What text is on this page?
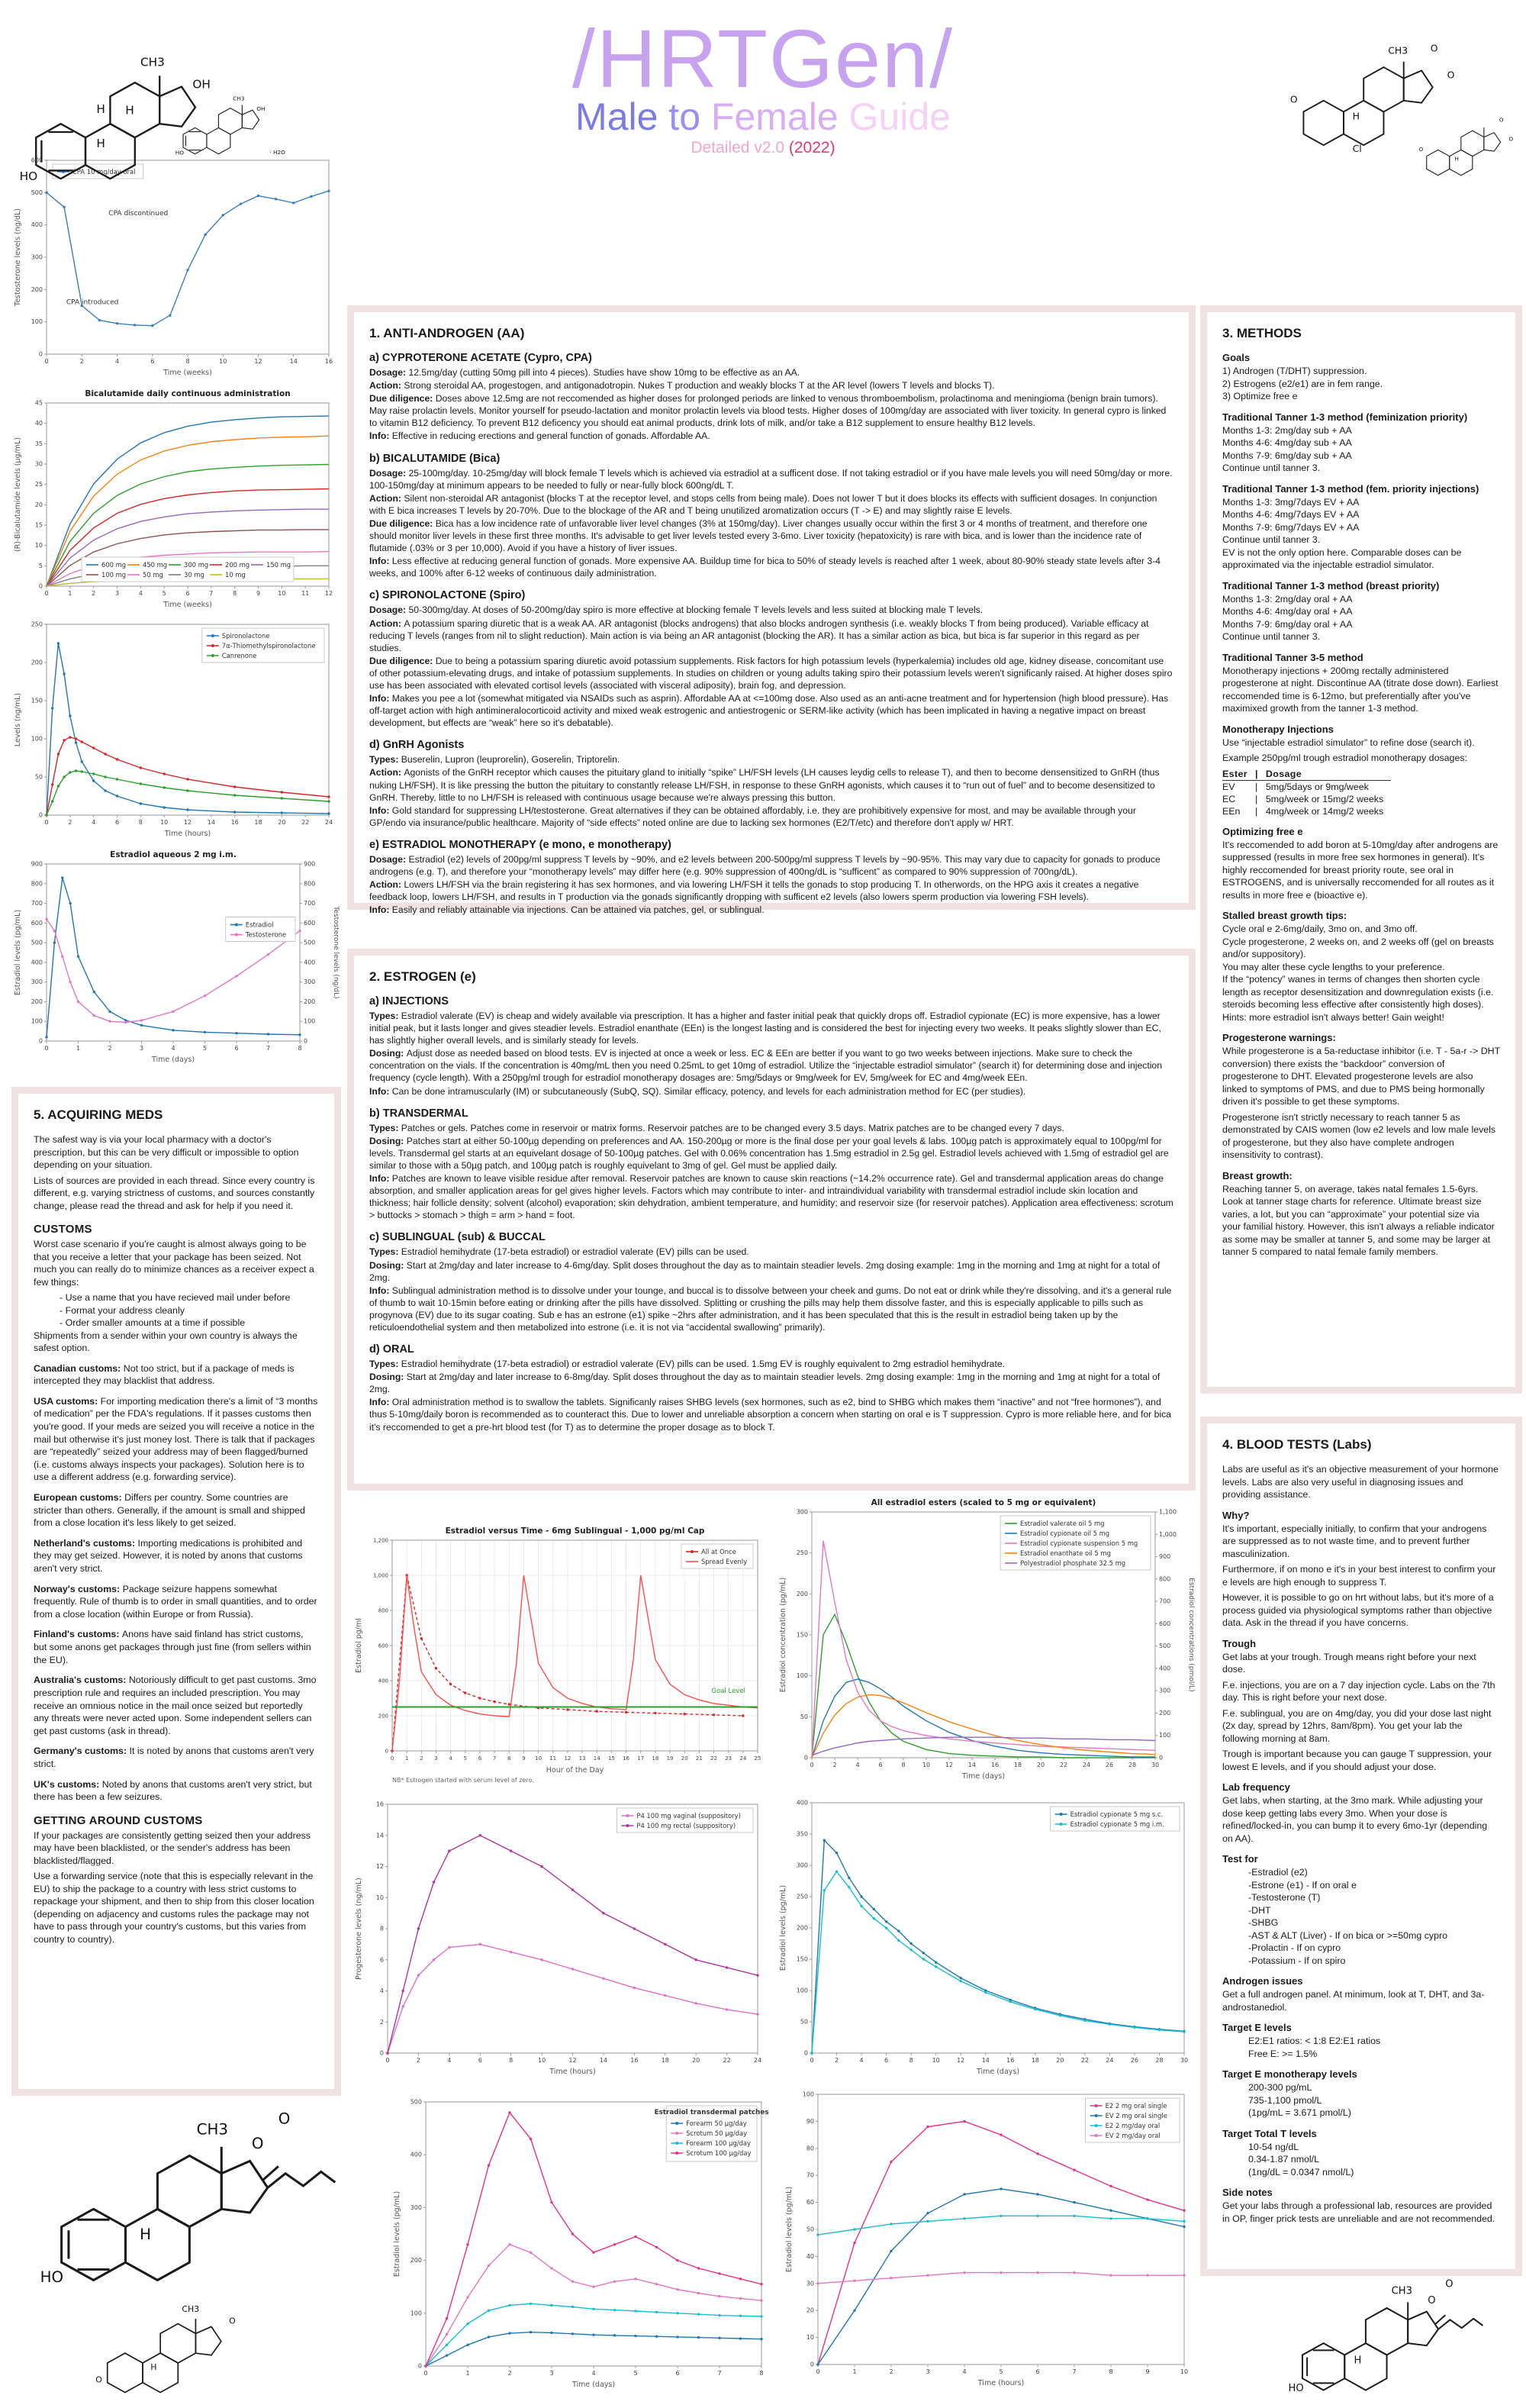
/HRTGen/
Male to Female Guide
Detailed v2.0 (2022)
1. ANTI-ANDROGEN (AA)
a) CYPROTERONE ACETATE (Cypro, CPA)

Dosage: 12.5mg/day (cutting 50mg pill into 4 pieces). Studies have show 10mg to be effective as an AA.

Action: Strong steroidal AA, progestogen, and antigonadotropin. Nukes T production and weakly blocks T at the AR level (lowers T levels and blocks T).

Due diligence: Doses above 12.5mg are not reccomended as higher doses for prolonged periods are linked to venous thromboembolism, prolactinoma and meningioma (benign brain tumors). May raise prolactin levels. Monitor yourself for pseudo-lactation and monitor prolactin levels via blood tests. Higher doses of 100mg/day are associated with liver toxicity. In general cypro is linked to vitamin B12 deficiency. To prevent B12 deficency you should eat animal products, drink lots of milk, and/or take a B12 supplement to ensure healthy B12 levels.

Info: Effective in reducing erections and general function of gonads. Affordable AA.

b) BICALUTAMIDE (Bica)

Dosage: 25-100mg/day. 10-25mg/day will block female T levels which is achieved via estradiol at a sufficent dose. If not taking estradiol or if you have male levels you will need 50mg/day or more. 100-150mg/day at minimum appears to be needed to fully or near-fully block 600ng/dL T.

Action: Silent non-steroidal AR antagonist (blocks T at the receptor level, and stops cells from being male). Does not lower T but it does blocks its effects with sufficient dosages. In conjunction with E bica increases T levels by 20-70%. Due to the blockage of the AR and T being unutilized aromatization occurs (T -> E) and may slightly raise E levels.

Due diligence: Bica has a low incidence rate of unfavorable liver level changes (3% at 150mg/day). Liver changes usually occur within the first 3 or 4 months of treatment, and therefore one should monitor liver levels in these first three months. It's advisable to get liver levels tested every 3-6mo. Liver toxicity (hepatoxicity) is rare with bica, and is lower than the incidence rate of flutamide (.03% or 3 per 10,000). Avoid if you have a history of liver issues.

Info: Less effective at reducing general function of gonads. More expensive AA. Buildup time for bica to 50% of steady levels is reached after 1 week, about 80-90% steady state levels after 3-4 weeks, and 100% after 6-12 weeks of continuous daily administration.

c) SPIRONOLACTONE (Spiro)

Dosage: 50-300mg/day. At doses of 50-200mg/day spiro is more effective at blocking female T levels levels and less suited at blocking male T levels.

Action: A potassium sparing diuretic that is a weak AA. AR antagonist (blocks androgens) that also blocks androgen synthesis (i.e. weakly blocks T from being produced). Variable efficacy at reducing T levels (ranges from nil to slight reduction). Main action is via being an AR antagonist (blocking the AR). It has a similar action as bica, but bica is far superior in this regard as per studies.

Due diligence: Due to being a potassium sparing diuretic avoid potassium supplements. Risk factors for high potassium levels (hyperkalemia) includes old age, kidney disease, concomitant use of other potassium-elevating drugs, and intake of potassium supplements. In studies on children or young adults taking spiro their potassium levels weren't significanly raised. At higher doses spiro use has been associated with elevated cortisol levels (associated with visceral adiposity), brain fog, and depression.

Info: Makes you pee a lot (somewhat mitigated via NSAIDs such as asprin). Affordable AA at <=100mg dose. Also used as an anti-acne treatment and for hypertension (high blood pressure). Has off-target action with high antimineralocorticoid activity and mixed weak estrogenic and antiestrogenic or SERM-like activity (which has been implicated in having a negative impact on breast development, but effects are “weak” here so it's debatable).

d) GnRH Agonists

Types: Buserelin, Lupron (leuprorelin), Goserelin, Triptorelin.

Action: Agonists of the GnRH receptor which causes the pituitary gland to initially “spike” LH/FSH levels (LH causes leydig cells to release T), and then to become densensitized to GnRH (thus nuking LH/FSH). It is like pressing the button the pituitary to constantly release LH/FSH, in response to these GnRH agonists, which causes it to “run out of fuel” and to become desensitized to GnRH. Thereby, little to no LH/FSH is released with continuous usage because we're always pressing this button.

Info: Gold standard for suppressing LH/testosterone. Great alternatives if they can be obtained affordably, i.e. they are prohibitively expensive for most, and may be available through your GP/endo via insurance/public healthcare. Majority of “side effects” noted online are due to lacking sex hormones (E2/T/etc) and therefore don't apply w/ HRT.

e) ESTRADIOL MONOTHERAPY (e mono, e monotherapy)

Dosage: Estradiol (e2) levels of 200pg/ml suppress T levels by ~90%, and e2 levels between 200-500pg/ml suppress T levels by ~90-95%. This may vary due to capacity for gonads to produce androgens (e.g. T), and therefore your “monotherapy levels” may differ here (e.g. 90% suppression of 400ng/dL is “sufficent” as compared to 90% suppression of 700ng/dL).

Action: Lowers LH/FSH via the brain registering it has sex hormones, and via lowering LH/FSH it tells the gonads to stop producing T. In otherwords, on the HPG axis it creates a negative feedback loop, lowers LH/FSH, and results in T production via the gonads significantly dropping with sufficent e2 levels (also lowers sperm production via lowering FSH levels).

Info: Easily and reliably attainable via injections. Can be attained via patches, gel, or sublingual.

2. ESTROGEN (e)
a) INJECTIONS

Types: Estradiol valerate (EV) is cheap and widely available via prescription. It has a higher and faster initial peak that quickly drops off. Estradiol cypionate (EC) is more expensive, has a lower initial peak, but it lasts longer and gives steadier levels. Estradiol enanthate (EEn) is the longest lasting and is considered the best for injecting every two weeks. It peaks slightly slower than EC, has slightly higher overall levels, and is similarly steady for levels.

Dosing: Adjust dose as needed based on blood tests. EV is injected at once a week or less. EC & EEn are better if you want to go two weeks between injections. Make sure to check the concentration on the vials. If the concentration is 40mg/mL then you need 0.25mL to get 10mg of estradiol. Utilize the “injectable estradiol simulator” (search it) for determining dose and injection frequency (cycle length). With a 250pg/ml trough for estradiol monotherapy dosages are: 5mg/5days or 9mg/week for EV, 5mg/week for EC and 4mg/week EEn.

Info: Can be done intramuscularly (IM) or subcutaneously (SubQ, SQ). Similar efficacy, potency, and levels for each administration method for EC (per studies).

b) TRANSDERMAL

Types: Patches or gels. Patches come in reservoir or matrix forms. Reservoir patches are to be changed every 3.5 days. Matrix patches are to be changed every 7 days.

Dosing: Patches start at either 50-100µg depending on preferences and AA. 150-200µg or more is the final dose per your goal levels & labs. 100µg patch is approximately equal to 100pg/ml for levels. Transdermal gel starts at an equivelant dosage of 50-100µg patches. Gel with 0.06% concentration has 1.5mg estradiol in 2.5g gel. Estradiol levels achieved with 1.5mg of estradiol gel are similar to those with a 50µg patch, and 100µg patch is roughly equivelant to 3mg of gel. Gel must be applied daily.

Info: Patches are known to leave visible residue after removal. Reservoir patches are known to cause skin reactions (~14.2% occurrence rate). Gel and transdermal application areas do change absorption, and smaller application areas for gel gives higher levels. Factors which may contribute to inter- and intraindividual variability with transdermal estradiol include skin location and thickness; hair follicle density; solvent (alcohol) evaporation; skin dehydration, ambient temperature, and humidity; and reservoir size (for reservoir patches). Application area effectiveness: scrotum > buttocks > stomach > thigh = arm > hand = foot.

c) SUBLINGUAL (sub) & BUCCAL

Types: Estradiol hemihydrate (17-beta estradiol) or estradiol valerate (EV) pills can be used.

Dosing: Start at 2mg/day and later increase to 4-6mg/day. Split doses throughout the day as to maintain steadier levels. 2mg dosing example: 1mg in the morning and 1mg at night for a total of 2mg.

Info: Sublingual administration method is to dissolve under your tounge, and buccal is to dissolve between your cheek and gums. Do not eat or drink while they're dissolving, and it's a general rule of thumb to wait 10-15min before eating or drinking after the pills have dissolved. Splitting or crushing the pills may help them dissolve faster, and this is especially applicable to pills such as progynova (EV) due to its sugar coating. Sub e has an estrone (e1) spike ~2hrs after administration, and it has been speculated that this is the result in estradiol being taken up by the reticuloendothelial system and then metabolized into estrone (i.e. it is not via “accidental swallowing” primarily).

d) ORAL

Types: Estradiol hemihydrate (17-beta estradiol) or estradiol valerate (EV) pills can be used. 1.5mg EV is roughly equivalent to 2mg estradiol hemihydrate.

Dosing: Start at 2mg/day and later increase to 6-8mg/day. Split doses throughout the day as to maintain steadier levels. 2mg dosing example: 1mg in the morning and 1mg at night for a total of 2mg.

Info: Oral administration method is to swallow the tablets. Significanly raises SHBG levels (sex hormones, such as e2, bind to SHBG which makes them “inactive” and not “free hormones”), and thus 5-10mg/daily boron is recommended as to counteract this. Due to lower and unreliable absorption a concern when starting on oral e is T suppression. Cypro is more reliable here, and for bica it's reccomended to get a pre-hrt blood test (for T) as to determine the proper dosage as to block T.

3. METHODS
Goals
1) Androgen (T/DHT) suppression.
2) Estrogens (e2/e1) are in fem range.
3) Optimize free e
Traditional Tanner 1-3 method (feminization priority)
Months 1-3: 2mg/day sub + AA
Months 4-6: 4mg/day sub + AA
Months 7-9: 6mg/day sub + AA
Continue until tanner 3.
Traditional Tanner 1-3 method (fem. priority injections)
Months 1-3: 3mg/7days EV + AA
Months 4-6: 4mg/7days EV + AA
Months 7-9: 6mg/7days EV + AA
Continue until tanner 3.
EV is not the only option here. Comparable doses can be approximated via the injectable estradiol simulator.
Traditional Tanner 1-3 method (breast priority)
Months 1-3: 2mg/day oral + AA
Months 4-6: 4mg/day oral + AA
Months 7-9: 6mg/day oral + AA
Continue until tanner 3.
Traditional Tanner 3-5 method
Monotherapy injections + 200mg rectally administered progesterone at night. Discontinue AA (titrate dose down). Earliest reccomended time is 6-12mo, but preferentially after you've maximixed growth from the tanner 1-3 method.
Monotherapy Injections
Use “injectable estradiol simulator” to refine dose (search it).
Example 250pg/ml trough estradiol monotherapy dosages:
Ester	|	Dosage
EV	|	5mg/5days or 9mg/week
EC	|	5mg/week or 15mg/2 weeks
EEn	|	4mg/week or 14mg/2 weeks
Optimizing free e
It's reccomended to add boron at 5-10mg/day after androgens are suppressed (results in more free sex hormones in general). It's highly reccomended for breast priority route, see oral in ESTROGENS, and is universally reccomended for all routes as it results in more free e (bioactive e).
Stalled breast growth tips:
Cycle oral e 2-6mg/daily, 3mo on, and 3mo off.
Cycle progesterone, 2 weeks on, and 2 weeks off (gel on breasts and/or suppository).
You may alter these cycle lengths to your preference.
If the “potency” wanes in terms of changes then shorten cycle length as receptor desensitization and downregulation exists (i.e. steroids becoming less effective after consistently high doses).
Hints: more estradiol isn't always better! Gain weight!
Progesterone warnings:
While progesterone is a 5a-reductase inhibitor (i.e. T - 5a-r -> DHT conversion) there exists the “backdoor” conversion of progesterone to DHT. Elevated progesterone levels are also linked to symptoms of PMS, and due to PMS being hormonally driven it's possible to get these symptoms.
Progesterone isn't strictly necessary to reach tanner 5 as demonstrated by CAIS women (low e2 levels and low male levels of progesterone, but they also have complete androgen insensitivity to contrast).
Breast growth:
Reaching tanner 5, on average, takes natal females 1.5-6yrs. Look at tanner stage charts for reference. Ultimate breast size varies, a lot, but you can “approximate” your potential size via your familial history. However, this isn't always a reliable indicator as some may be smaller at tanner 5, and some may be larger at tanner 5 compared to natal female family members.
4. BLOOD TESTS (Labs)
Labs are useful as it's an objective measurement of your hormone levels. Labs are also very useful in diagnosing issues and providing assistance.
Why?
It's important, especially initially, to confirm that your androgens are suppressed as to not waste time, and to prevent further masculinization.
Furthermore, if on mono e it's in your best interest to confirm your e levels are high enough to suppress T.
However, it is possible to go on hrt without labs, but it's more of a process guided via physiological symptoms rather than objective data. Ask in the thread if you have concerns.
Trough
Get labs at your trough. Trough means right before your next dose.
F.e. injections, you are on a 7 day injection cycle. Labs on the 7th day. This is right before your next dose.
F.e. sublingual, you are on 4mg/day, you did your dose last night (2x day, spread by 12hrs, 8am/8pm). You get your lab the following morning at 8am.
Trough is important because you can gauge T suppression, your lowest E levels, and if you should adjust your dose.
Lab frequency
Get labs, when starting, at the 3mo mark. While adjusting your dose keep getting labs every 3mo. When your dose is refined/locked-in, you can bump it to every 6mo-1yr (depending on AA).
Test for
-Estradiol (e2)
-Estrone (e1) - If on oral e
-Testosterone (T)
-DHT
-SHBG
-AST & ALT (Liver) - If on bica or >=50mg cypro
-Prolactin - If on cypro
-Potassium - If on spiro
Androgen issues
Get a full androgen panel. At minimum, look at T, DHT, and 3a-androstanediol.
Target E levels
E2:E1 ratios: < 1:8 E2:E1 ratios
Free E: >= 1.5%
Target E monotherapy levels
200-300 pg/mL
735-1,100 pmol/L
(1pg/mL = 3.671 pmol/L)
Target Total T levels
10-54 ng/dL
0.34-1.87 nmol/L
(1ng/dL = 0.0347 nmol/L)
Side notes
Get your labs through a professional lab, resources are provided in OP, finger prick tests are unreliable and are not recommended.
5. ACQUIRING MEDS
The safest way is via your local pharmacy with a doctor's prescription, but this can be very difficult or impossible to option depending on your situation.
Lists of sources are provided in each thread. Since every country is different, e.g. varying strictness of customs, and sources constantly change, please read the thread and ask for help if you need it.
CUSTOMS
Worst case scenario if you're caught is almost always going to be that you receive a letter that your package has been seized. Not much you can really do to minimize chances as a receiver expect a few things:
- Use a name that you have recieved mail under before
- Format your address cleanly
- Order smaller amounts at a time if possible
Shipments from a sender within your own country is always the safest option.

Canadian customs: Not too strict, but if a package of meds is intercepted they may blacklist that address.

USA customs: For importing medication there's a limit of “3 months of medication” per the FDA's regulations. If it passes customs then you're good. If your meds are seized you will receive a notice in the mail but otherwise it's just money lost. There is talk that if packages are “repeatedly” seized your address may of been flagged/burned (i.e. customs always inspects your packages). Solution here is to use a different address (e.g. forwarding service).

European customs: Differs per country. Some countries are stricter than others. Generally, if the amount is small and shipped from a close location it's less likely to get seized.

Netherland's customs: Importing medications is prohibited and they may get seized. However, it is noted by anons that customs aren't very strict.

Norway's customs: Package seizure happens somewhat frequently. Rule of thumb is to order in small quantities, and to order from a close location (within Europe or from Russia).

Finland's customs: Anons have said finland has strict customs, but some anons get packages through just fine (from sellers within the EU).

Australia's customs: Notoriously difficult to get past customs. 3mo prescription rule and requires an included prescription. You may receive an omnious notice in the mail once seized but reportedly any threats were never acted upon. Some independent sellers can get past customs (ask in thread).

Germany's customs: It is noted by anons that customs aren't very strict.

UK's customs: Noted by anons that customs aren't very strict, but there has been a few seizures.

GETTING AROUND CUSTOMS
If your packages are consistently getting seized then your address may have been blacklisted, or the sender's address has been blacklisted/flagged.
Use a forwarding service (note that this is especially relevant in the EU) to ship the package to a country with less strict customs to repackage your shipment, and then to ship from this closer location (depending on adjacency and customs rules the package may not have to pass through your country's customs, but this varies from country to country).
0	2	4	6	8	10	12	14	16
0
100
200
300
400
500
600
Time (weeks)
Testosterone levels (ng/dL)	CPA discontinued
CPA introduced
CPA 10 mg/day oral
0	1	2	3	4	5	6	7	8	9	10	11	12
0
5
10
15
20
25
30
35
40
45
Bicalutamide daily continuous administration
Time (weeks)
(R)-Bicalutamide levels (µg/mL)
600 mg	450 mg	300 mg	200 mg	150 mg
100 mg	50 mg	30 mg	10 mg
0	2	4	6	8	10	12	14	16	18	20	22	24
0
50
100
150
200
250
Time (hours)
Levels (ng/mL)
Spironolactone
7α-Thiomethylspironolactone
Canrenone
0	1	2	3	4	5	6	7	8
0
100
200
300
400
500
600
700
800
900
0
100
200
300
400
500
600
700
800
900
Testosterone levels (ng/dL)
Estradiol aqueous 2 mg i.m.
Time (days)
Estradiol levels (pg/mL)	Estradiol
Testosterone
0 1 2 3 4 5 6 7 8 9 10 11 12 13 14 15 16 17 18 19 20 21 22 23 24 25
0
200
400
600
800
1,000
1,200
Estradiol versus Time - 6mg Sublingual - 1,000 pg/ml Cap
Hour of the Day
Estradiol pg/ml
NB* Estrogen started with serum level of zero.
Goal Level
All at Once
Spread Evenly
0	2	4	6	8	10 12 14 16 18 20 22 24 26 28 30
0
50
100
150
200
250
300
0
100
200
300
400
500
600
700
800
900
1,000
1,100
Estradiol concentrations (pmol/L)
All estradiol esters (scaled to 5 mg or equivalent)
Time (days)
Estradiol concentration (pg/mL)
Estradiol valerate oil 5 mg
Estradiol cypionate oil 5 mg
Estradiol cypionate suspension 5 mg
Estradiol enanthate oil 5 mg
Polyestradiol phosphate 32.5 mg
0	2	4	6	8	10	12	14	16	18	20	22	24
0
2
4
6
8
10
12
14
16
Time (hours)
Progesterone levels (ng/mL)
P4 100 mg vaginal (suppository)
P4 100 mg rectal (suppository)
0	2	4	6	8	10	12	14	16	18	20	22	24	26	28	30
0
50
100
150
200
250
300
350
400
Time (days)
Estradiol levels (pg/mL)
Estradiol cypionate 5 mg s.c.
Estradiol cypionate 5 mg i.m.
0	1	2	3	4	5	6	7	8
0
100
200
300
400
500
Time (days)
Estradiol levels (pg/mL)
Estradiol transdermal patches
Forearm 50 µg/day
Scrotum 50 µg/day
Forearm 100 µg/day
Scrotum 100 µg/day
0	1	2	3	4	5	6	7	8	9	10
0
10
20
30
40
50
60
70
80
90
100
Time (hours)
Estradiol levels (pg/mL)
E2 2 mg oral single
EV 2 mg oral single
E2 2 mg/day oral
EV 2 mg/day oral
HO
OH
CH3
H
H
H
CH3
OH
HO	· H2O
O
Cl
O
O
CH3
H	O
O
H
O
HO
CH3
O
O
H
O
CH3
O
H
HO
CH3
O
O
H
